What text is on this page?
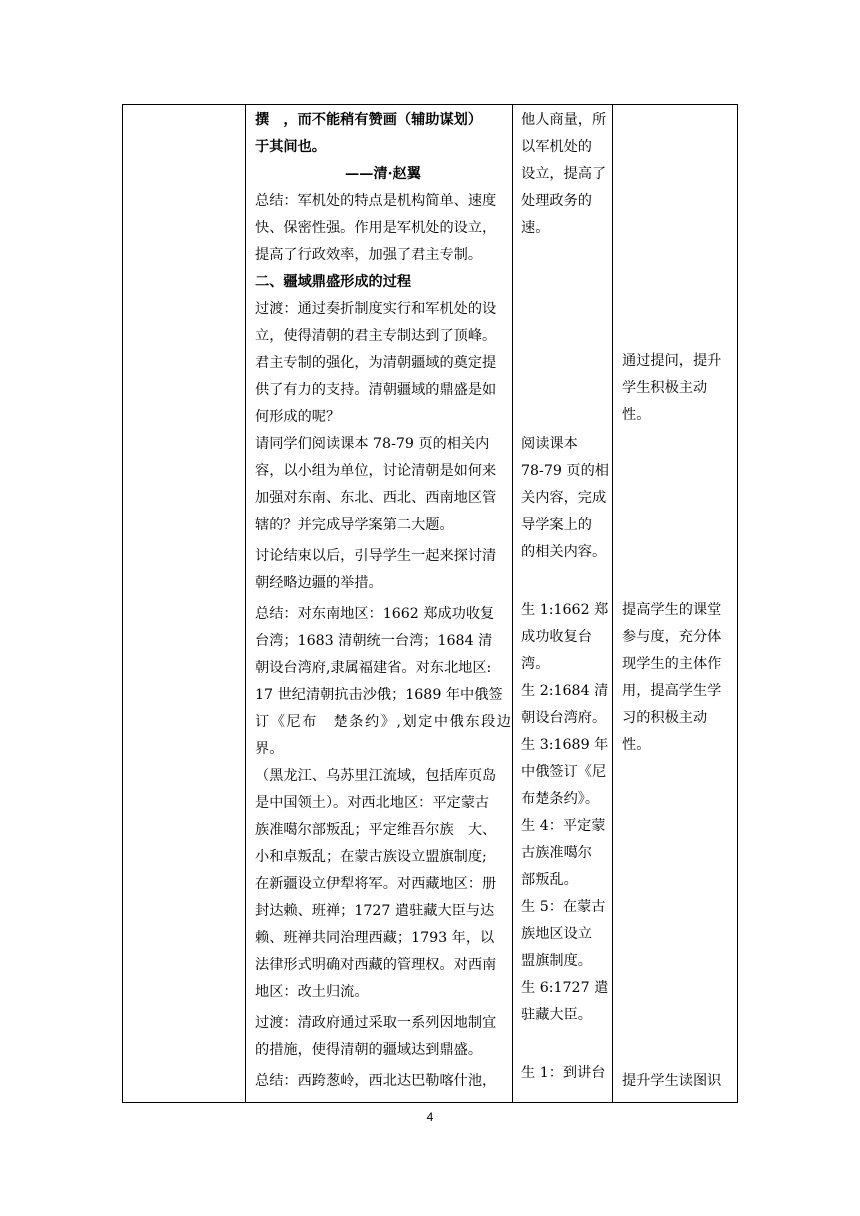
撰　，而不能稍有赞画（辅助谋划）

于其间也。

——清·赵翼

总结：军机处的特点是机构简单、速度

快、保密性强。作用是军机处的设立，

提高了行政效率，加强了君主专制。

二、疆域鼎盛形成的过程

过渡：通过奏折制度实行和军机处的设

立，使得清朝的君主专制达到了顶峰。

君主专制的强化，为清朝疆域的奠定提

供了有力的支持。清朝疆域的鼎盛是如

何形成的呢？

请同学们阅读课本 78-79 页的相关内

容，以小组为单位，讨论清朝是如何来

加强对东南、东北、西北、西南地区管

辖的？并完成导学案第二大题。

讨论结束以后，引导学生一起来探讨清

朝经略边疆的举措。

总结：对东南地区：1662 郑成功收复

台湾；1683 清朝统一台湾；1684 清

朝设台湾府,隶属福建省。对东北地区:

17 世纪清朝抗击沙俄；1689 年中俄签

订《尼布　楚条约》,划定中俄东段边界。

（黑龙江、乌苏里江流域，包括库页岛

是中国领土）。对西北地区：平定蒙古

族准噶尔部叛乱；平定维吾尔族　大、

小和卓叛乱；在蒙古族设立盟旗制度;

在新疆设立伊犁将军。对西藏地区：册

封达赖、班禅；1727 遣驻藏大臣与达

赖、班禅共同治理西藏；1793 年，以

法律形式明确对西藏的管理权。对西南

地区：改土归流。

过渡：清政府通过采取一系列因地制宜

的措施，使得清朝的疆域达到鼎盛。

总结：西跨葱岭，西北达巴勒喀什池，

他人商量，所

以军机处的

设立，提高了

处理政务的

速。

阅读课本

78-79 页的相

关内容，完成

导学案上的

的相关内容。

生 1:1662 郑

成功收复台

湾。

生 2:1684 清

朝设台湾府。

生 3:1689 年

中俄签订《尼

布楚条约》。

生 4：平定蒙

古族准噶尔

部叛乱。

生 5：在蒙古

族地区设立

盟旗制度。

生 6:1727 遣

驻藏大臣。

生 1：到讲台

通过提问，提升

学生积极主动

性。

提高学生的课堂

参与度，充分体

现学生的主体作

用，提高学生学

习的积极主动

性。

提升学生读图识

4
